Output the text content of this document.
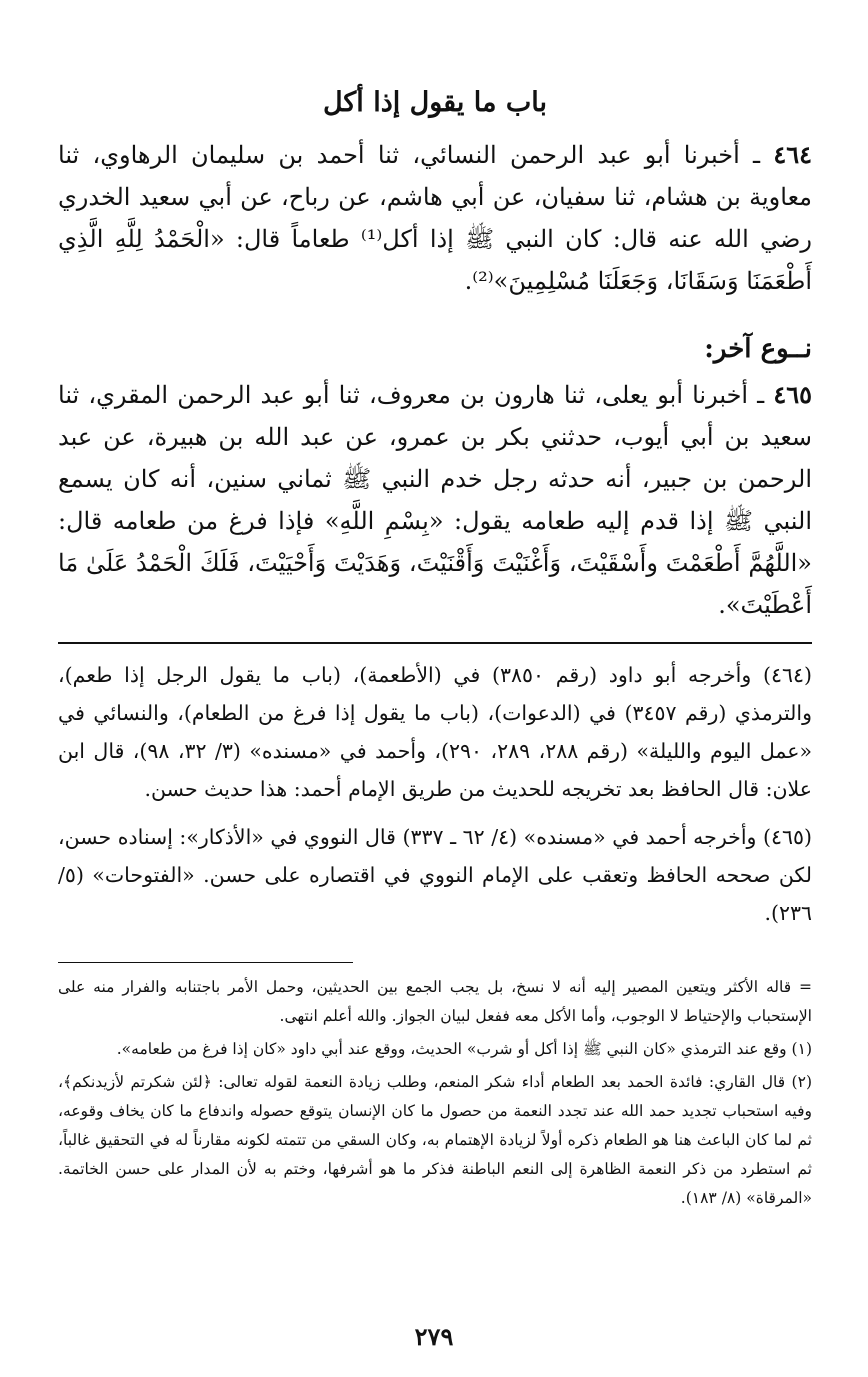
باب ما يقول إذا أكل

٤٦٤ ـ أخبرنا أبو عبد الرحمن النسائي، ثنا أحمد بن سليمان الرهاوي، ثنا معاوية بن هشام، ثنا سفيان، عن أبي هاشم، عن رباح، عن أبي سعيد الخدري رضي الله عنه قال: كان النبي ﷺ إذا أكل⁽¹⁾ طعاماً قال: «الْحَمْدُ لِلَّهِ الَّذِي أَطْعَمَنَا وَسَقَانَا، وَجَعَلَنَا مُسْلِمِينَ»⁽²⁾.

نــوع آخر:

٤٦٥ ـ أخبرنا أبو يعلى، ثنا هارون بن معروف، ثنا أبو عبد الرحمن المقري، ثنا سعيد بن أبي أيوب، حدثني بكر بن عمرو، عن عبد الله بن هبيرة، عن عبد الرحمن بن جبير، أنه حدثه رجل خدم النبي ﷺ ثماني سنين، أنه كان يسمع النبي ﷺ إذا قدم إليه طعامه يقول: «بِسْمِ اللَّهِ» فإذا فرغ من طعامه قال: «اللَّهُمَّ أَطْعَمْتَ وأَسْقَيْتَ، وَأَغْنَيْتَ وَأَقْنَيْتَ، وَهَدَيْتَ وَأَحْيَيْتَ، فَلَكَ الْحَمْدُ عَلَىٰ مَا أَعْطَيْتَ».

(٤٦٤) وأخرجه أبو داود (رقم ٣٨٥٠) في (الأطعمة)، (باب ما يقول الرجل إذا طعم)، والترمذي (رقم ٣٤٥٧) في (الدعوات)، (باب ما يقول إذا فرغ من الطعام)، والنسائي في «عمل اليوم والليلة» (رقم ٢٨٨، ٢٨٩، ٢٩٠)، وأحمد في «مسنده» (٣/ ٣٢، ٩٨)، قال ابن علان: قال الحافظ بعد تخريجه للحديث من طريق الإمام أحمد: هذا حديث حسن.

(٤٦٥) وأخرجه أحمد في «مسنده» (٤/ ٦٢ ـ ٣٣٧) قال النووي في «الأذكار»: إسناده حسن، لكن صححه الحافظ وتعقب على الإمام النووي في اقتصاره على حسن. «الفتوحات» (٥/ ٢٣٦).

= قاله الأكثر ويتعين المصير إليه أنه لا نسخ، بل يجب الجمع بين الحديثين، وحمل الأمر باجتنابه والفرار منه على الإستحباب والإحتياط لا الوجوب، وأما الأكل معه ففعل لبيان الجواز. والله أعلم انتهى.

(١) وقع عند الترمذي «كان النبي ﷺ إذا أكل أو شرب» الحديث، ووقع عند أبي داود «كان إذا فرغ من طعامه».

(٢) قال القاري: فائدة الحمد بعد الطعام أداء شكر المنعم، وطلب زيادة النعمة لقوله تعالى: ﴿لئن شكرتم لأزيدنكم﴾، وفيه استحباب تجديد حمد الله عند تجدد النعمة من حصول ما كان الإنسان يتوقع حصوله واندفاع ما كان يخاف وقوعه، ثم لما كان الباعث هنا هو الطعام ذكره أولاً لزيادة الإهتمام به، وكان السقي من تتمته لكونه مقارناً له في التحقيق غالباً، ثم استطرد من ذكر النعمة الظاهرة إلى النعم الباطنة فذكر ما هو أشرفها، وختم به لأن المدار على حسن الخاتمة. «المرقاة» (٨/ ١٨٣).

٢٧٩
